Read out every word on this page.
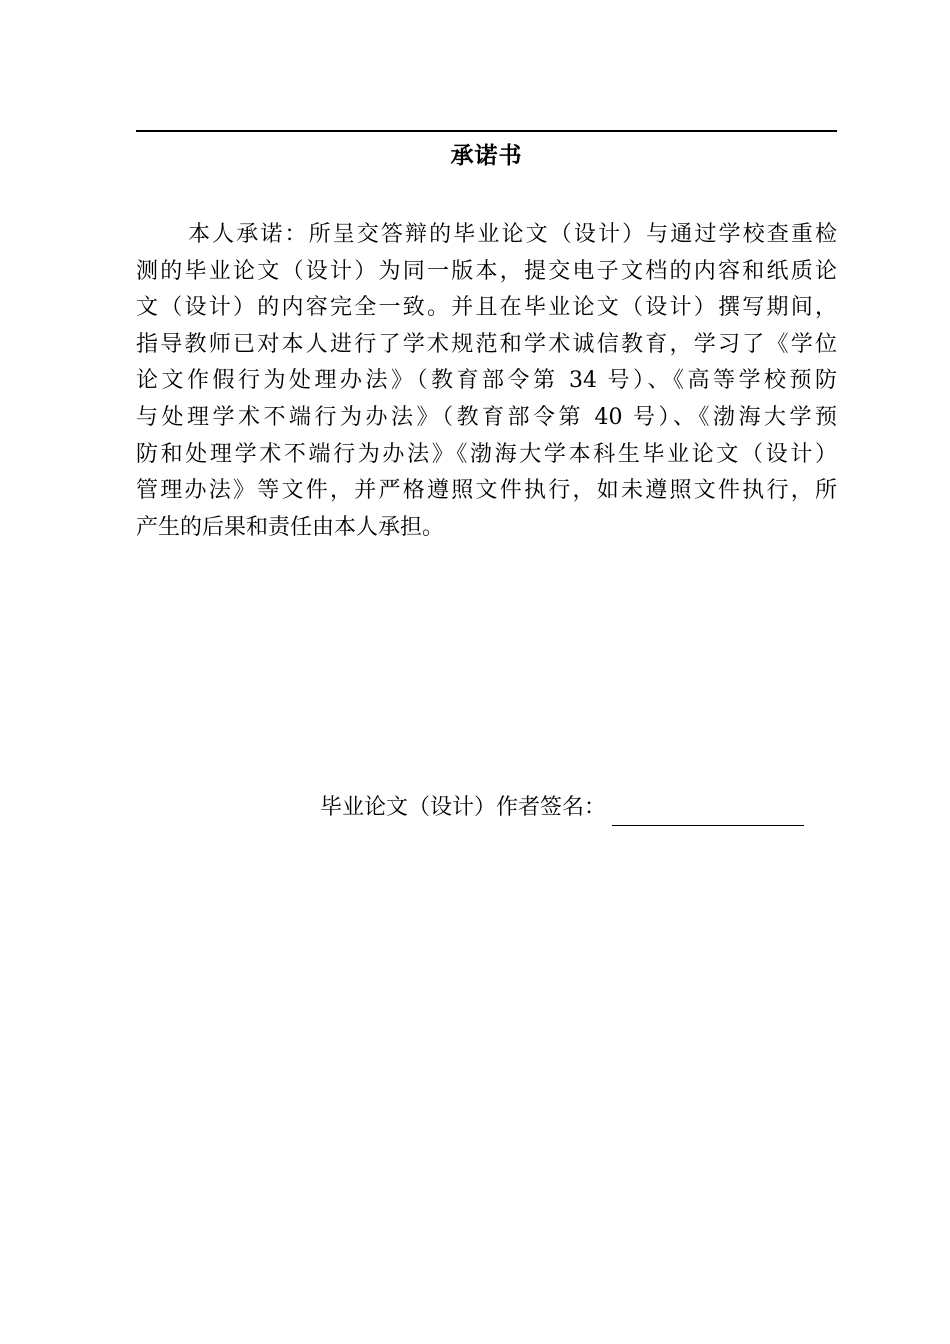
承诺书
本人承诺：所呈交答辩的毕业论文（设计）与通过学校查重检
测的毕业论文（设计）为同一版本，提交电子文档的内容和纸质论
文（设计）的内容完全一致。并且在毕业论文（设计）撰写期间，
指导教师已对本人进行了学术规范和学术诚信教育，学习了《学位
论文作假行为处理办法》（教育部令第 34 号）、《高等学校预防
与处理学术不端行为办法》（教育部令第 40 号）、《渤海大学预
防和处理学术不端行为办法》《渤海大学本科生毕业论文（设计）
管理办法》等文件，并严格遵照文件执行，如未遵照文件执行，所
产生的后果和责任由本人承担。
毕业论文（设计）作者签名：
